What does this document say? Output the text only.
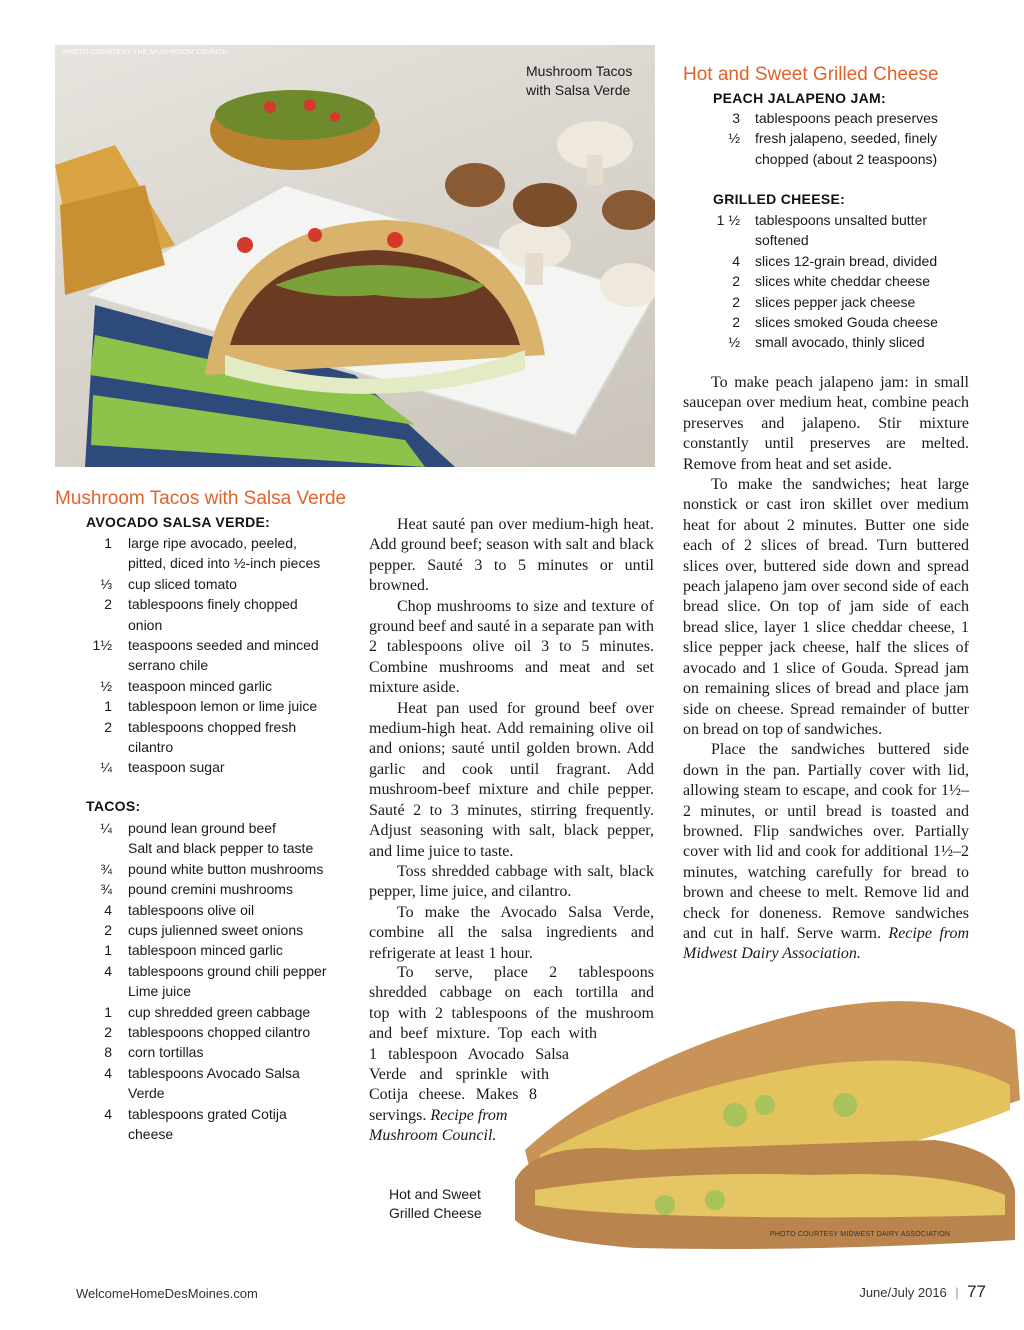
PHOTO COURTESY THE MUSHROOM COUNCIL
Mushroom Tacos
with Salsa Verde
Hot and Sweet Grilled Cheese
PEACH JALAPENO JAM:
3 tablespoons peach preserves
½ fresh jalapeno, seeded, finely
chopped (about 2 teaspoons)
GRILLED CHEESE:
1 ½ tablespoons unsalted butter
softened
4 slices 12-grain bread, divided
2 slices white cheddar cheese
2 slices pepper jack cheese
2 slices smoked Gouda cheese
½ small avocado, thinly sliced

To make peach jalapeno jam: in small saucepan over medium heat, combine peach preserves and jalapeno. Stir mixture constantly until preserves are melted. Remove from heat and set aside.

To make the sandwiches; heat large nonstick or cast iron skillet over medium heat for about 2 minutes. Butter one side each of 2 slices of bread. Turn buttered slices over, buttered side down and spread peach jalapeno jam over second side of each bread slice. On top of jam side of each bread slice, layer 1 slice cheddar cheese, 1 slice pepper jack cheese, half the slices of avocado and 1 slice of Gouda. Spread jam on remaining slices of bread and place jam side on cheese. Spread remainder of butter on bread on top of sandwiches.

Place the sandwiches buttered side down in the pan. Partially cover with lid, allowing steam to escape, and cook for 1½–2 minutes, or until bread is toasted and browned. Flip sandwiches over. Partially cover with lid and cook for additional 1½–2 minutes, watching carefully for bread to brown and cheese to melt. Remove lid and check for doneness. Remove sandwiches and cut in half. Serve warm. Recipe from Midwest Dairy Association.

Mushroom Tacos with Salsa Verde
AVOCADO SALSA VERDE:
1 large ripe avocado, peeled,
pitted, diced into ½-inch pieces
⅓ cup sliced tomato
2 tablespoons finely chopped
onion
1½ teaspoons seeded and minced
serrano chile
½ teaspoon minced garlic
1 tablespoon lemon or lime juice
2 tablespoons chopped fresh
cilantro
¼ teaspoon sugar
TACOS:
¼ pound lean ground beef
Salt and black pepper to taste
¾ pound white button mushrooms
¾ pound cremini mushrooms
4 tablespoons olive oil
2 cups julienned sweet onions
1 tablespoon minced garlic
4 tablespoons ground chili pepper
Lime juice
1 cup shredded green cabbage
2 tablespoons chopped cilantro
8 corn tortillas
4 tablespoons Avocado Salsa
Verde
4 tablespoons grated Cotija
cheese

Heat sauté pan over medium-high heat. Add ground beef; season with salt and black pepper. Sauté 3 to 5 minutes or until browned.

Chop mushrooms to size and texture of ground beef and sauté in a separate pan with 2 tablespoons olive oil 3 to 5 minutes. Combine mushrooms and meat and set mixture aside.

Heat pan used for ground beef over medium-high heat. Add remaining olive oil and onions; sauté until golden brown. Add garlic and cook until fragrant. Add mushroom-beef mixture and chile pepper. Sauté 2 to 3 minutes, stirring frequently. Adjust seasoning with salt, black pepper, and lime juice to taste.

Toss shredded cabbage with salt, black pepper, lime juice, and cilantro.

To make the Avocado Salsa Verde, combine all the salsa ingredients and refrigerate at least 1 hour.

To serve, place 2 tablespoons
shredded cabbage on each tortilla and
top with 2 tablespoons of the mushroom
and beef mixture. Top each with
1 tablespoon Avocado Salsa
Verde and sprinkle with
Cotija cheese. Makes 8
servings. Recipe from
Mushroom Council.
PHOTO COURTESY MIDWEST DAIRY ASSOCIATION
Hot and Sweet
Grilled Cheese
WelcomeHomeDesMoines.com	June/July 2016 | 77
